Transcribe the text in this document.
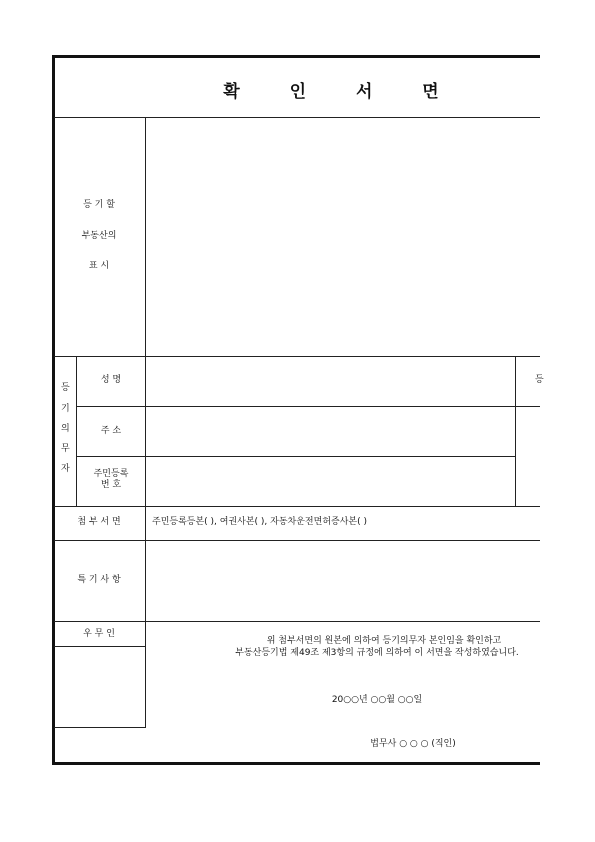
확 인 서 면
등 기 할
부동산의
표 시
등
기
의
무
자
성 명	등
주 소
주민등록
번 호
첨 부 서 면	주민등록등본( ), 여권사본( ), 자동차운전면허증사본( )
특 기 사 항
우 무 인
위 첨부서면의 원본에 의하여 등기의무자 본인임을 확인하고
부동산등기법 제49조 제3항의 규정에 의하여 이 서면을 작성하였습니다.
20○○년 ○○월 ○○일
법무사 ○ ○ ○ (직인)
